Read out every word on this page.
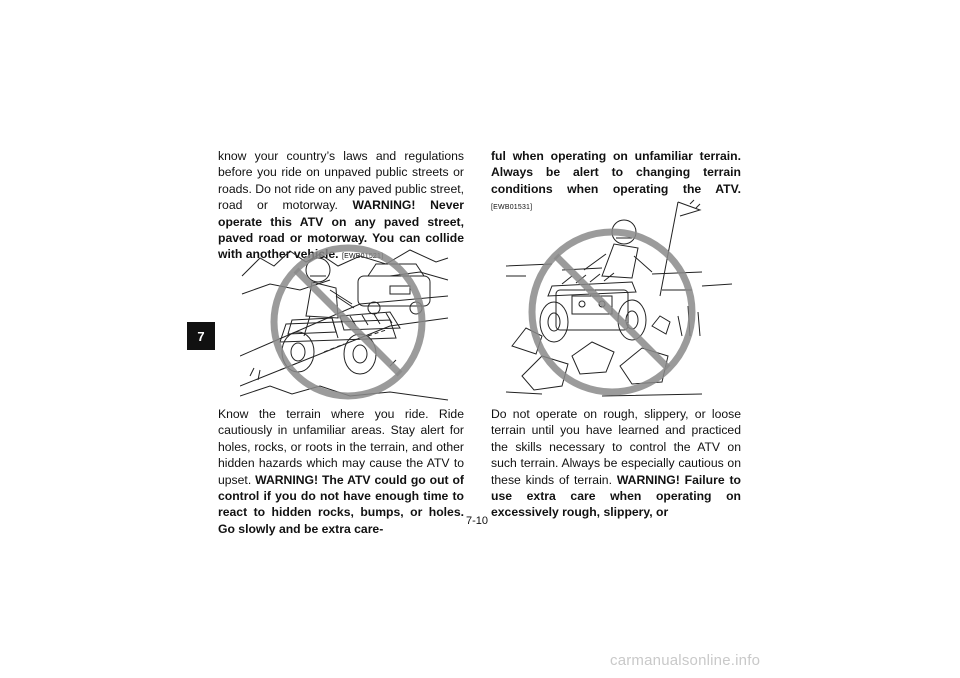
7

know your country’s laws and regulations before you ride on unpaved public streets or roads. Do not ride on any paved public street, road or motorway. WARNING! Never operate this ATV on any paved street, paved road or motorway. You can collide with another vehicle. [EWB01521]

Know the terrain where you ride. Ride cautiously in unfamiliar areas. Stay alert for holes, rocks, or roots in the terrain, and other hidden hazards which may cause the ATV to upset. WARNING! The ATV could go out of control if you do not have enough time to react to hidden rocks, bumps, or holes. Go slowly and be extra care-

ful when operating on unfamiliar terrain. Always be alert to changing terrain conditions when operating the ATV. [EWB01531]

Do not operate on rough, slippery, or loose terrain until you have learned and practiced the skills necessary to control the ATV on such terrain. Always be especially cautious on these kinds of terrain. WARNING! Failure to use extra care when operating on excessively rough, slippery, or

7-10
carmanualsonline.info
